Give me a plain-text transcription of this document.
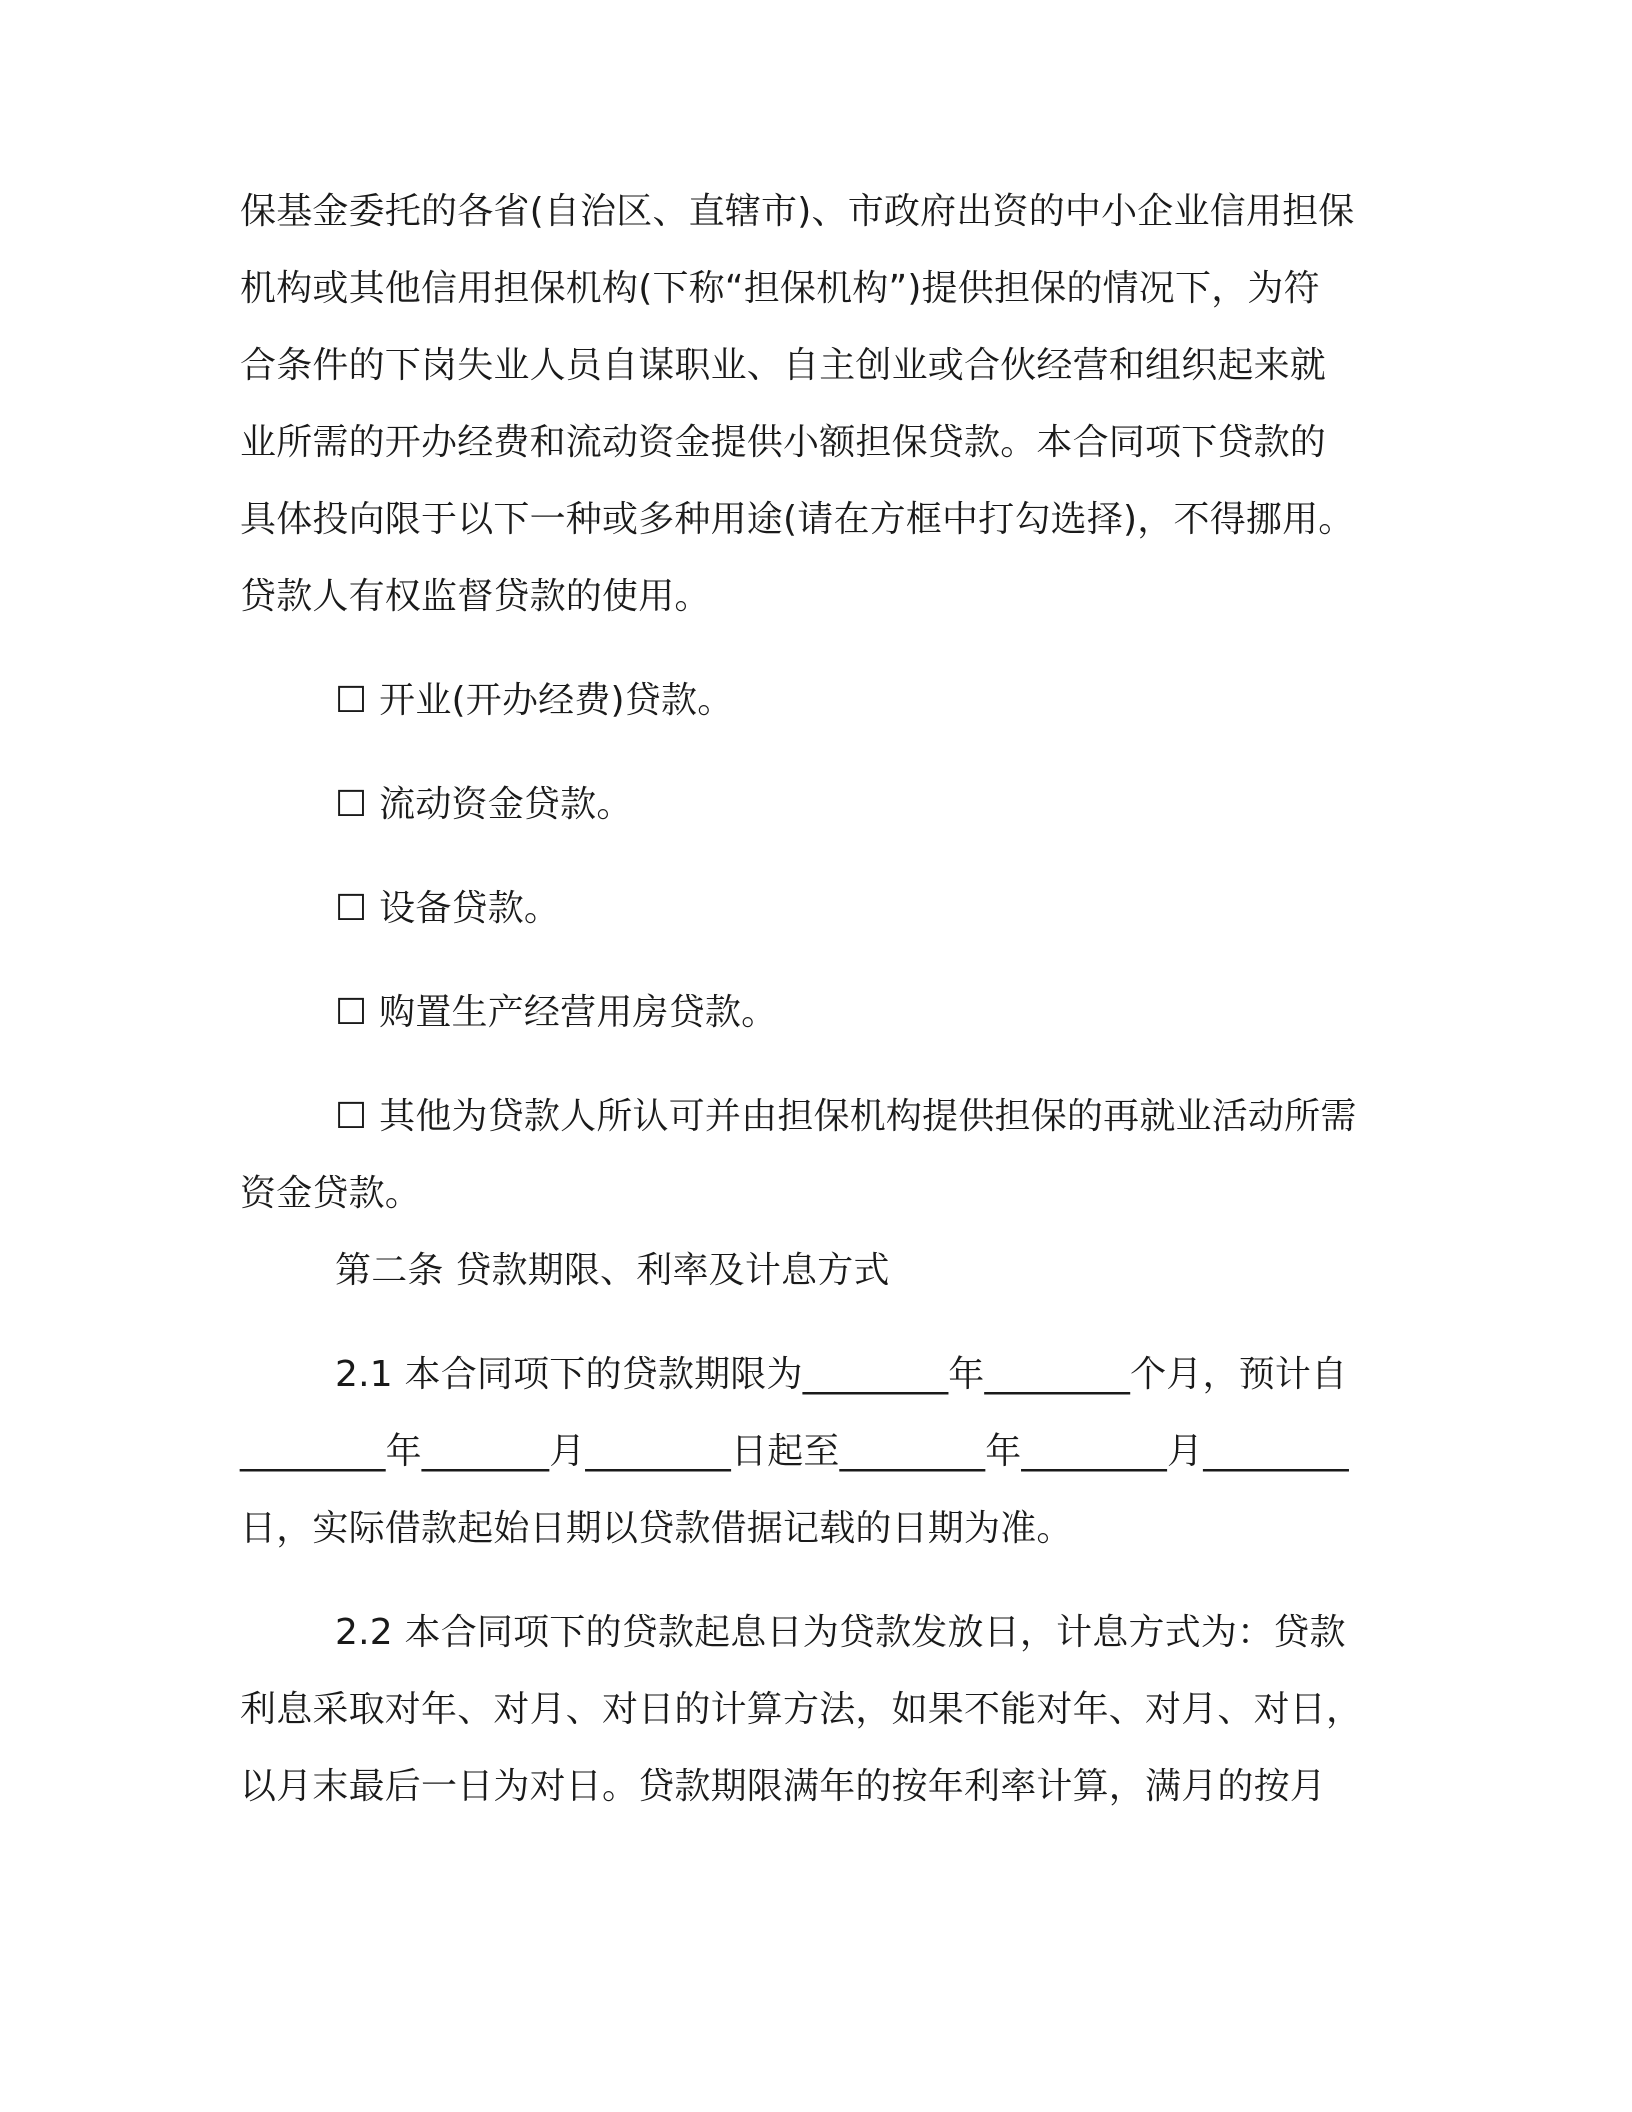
保基金委托的各省(自治区、直辖市)、市政府出资的中小企业信用担保
机构或其他信用担保机构(下称“担保机构”)提供担保的情况下，为符
合条件的下岗失业人员自谋职业、自主创业或合伙经营和组织起来就
业所需的开办经费和流动资金提供小额担保贷款。本合同项下贷款的
具体投向限于以下一种或多种用途(请在方框中打勾选择)，不得挪用。
贷款人有权监督贷款的使用。
☐ 开业(开办经费)贷款。
☐ 流动资金贷款。
☐ 设备贷款。
☐ 购置生产经营用房贷款。
☐ 其他为贷款人所认可并由担保机构提供担保的再就业活动所需
资金贷款。
第二条 贷款期限、利率及计息方式
2.1 本合同项下的贷款期限为________年________个月，预计自
________年_______月________日起至________年________月________
日，实际借款起始日期以贷款借据记载的日期为准。
2.2 本合同项下的贷款起息日为贷款发放日，计息方式为：贷款
利息采取对年、对月、对日的计算方法，如果不能对年、对月、对日，
以月末最后一日为对日。贷款期限满年的按年利率计算，满月的按月
